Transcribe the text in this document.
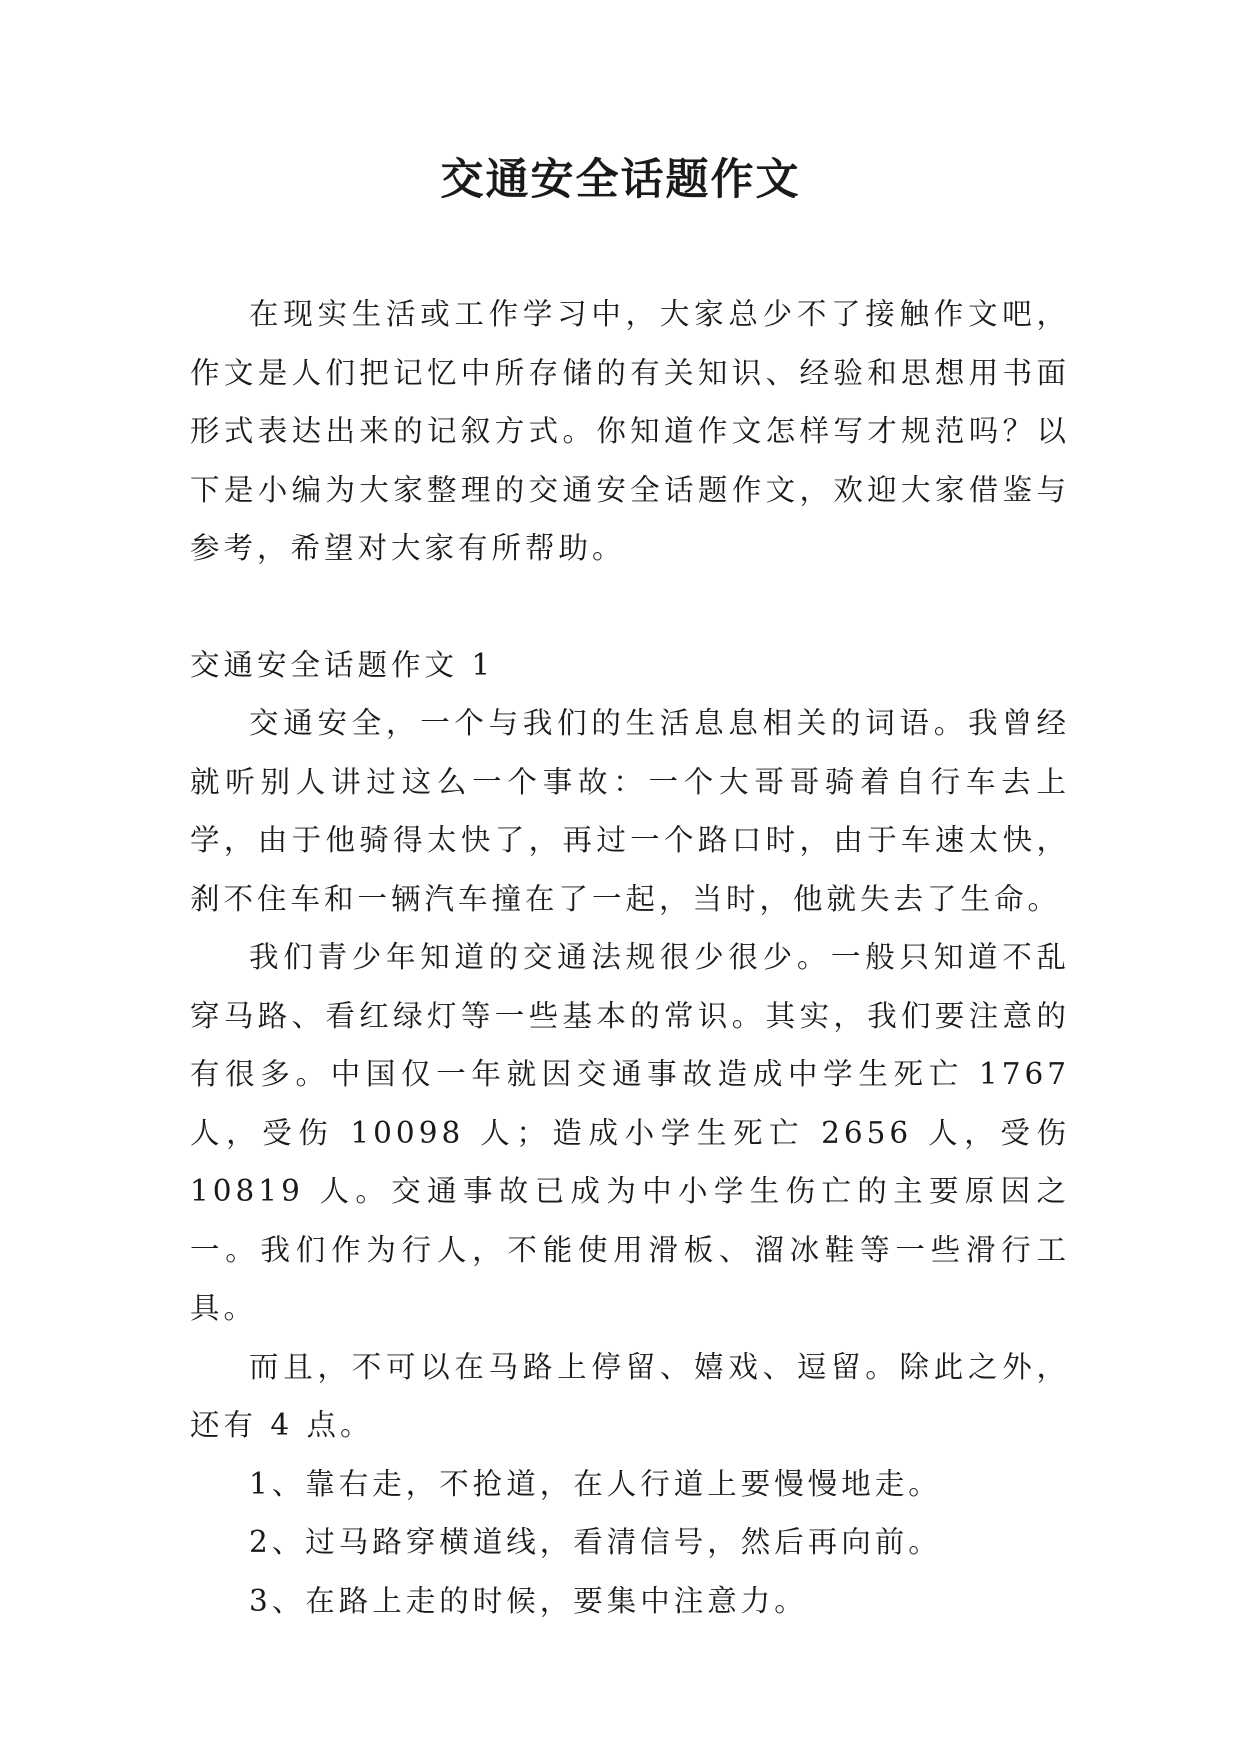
交通安全话题作文

在现实生活或工作学习中，大家总少不了接触作文吧，作文是人们把记忆中所存储的有关知识、经验和思想用书面形式表达出来的记叙方式。你知道作文怎样写才规范吗？以下是小编为大家整理的交通安全话题作文，欢迎大家借鉴与参考，希望对大家有所帮助。

交通安全话题作文 1

交通安全，一个与我们的生活息息相关的词语。我曾经就听别人讲过这么一个事故：一个大哥哥骑着自行车去上学，由于他骑得太快了，再过一个路口时，由于车速太快，刹不住车和一辆汽车撞在了一起，当时，他就失去了生命。

我们青少年知道的交通法规很少很少。一般只知道不乱穿马路、看红绿灯等一些基本的常识。其实，我们要注意的有很多。中国仅一年就因交通事故造成中学生死亡 1767 人，受伤 10098 人；造成小学生死亡 2656 人，受伤 10819 人。交通事故已成为中小学生伤亡的主要原因之一。我们作为行人，不能使用滑板、溜冰鞋等一些滑行工具。

而且，不可以在马路上停留、嬉戏、逗留。除此之外，还有 4 点。

1、靠右走，不抢道，在人行道上要慢慢地走。

2、过马路穿横道线，看清信号，然后再向前。

3、在路上走的时候，要集中注意力。
